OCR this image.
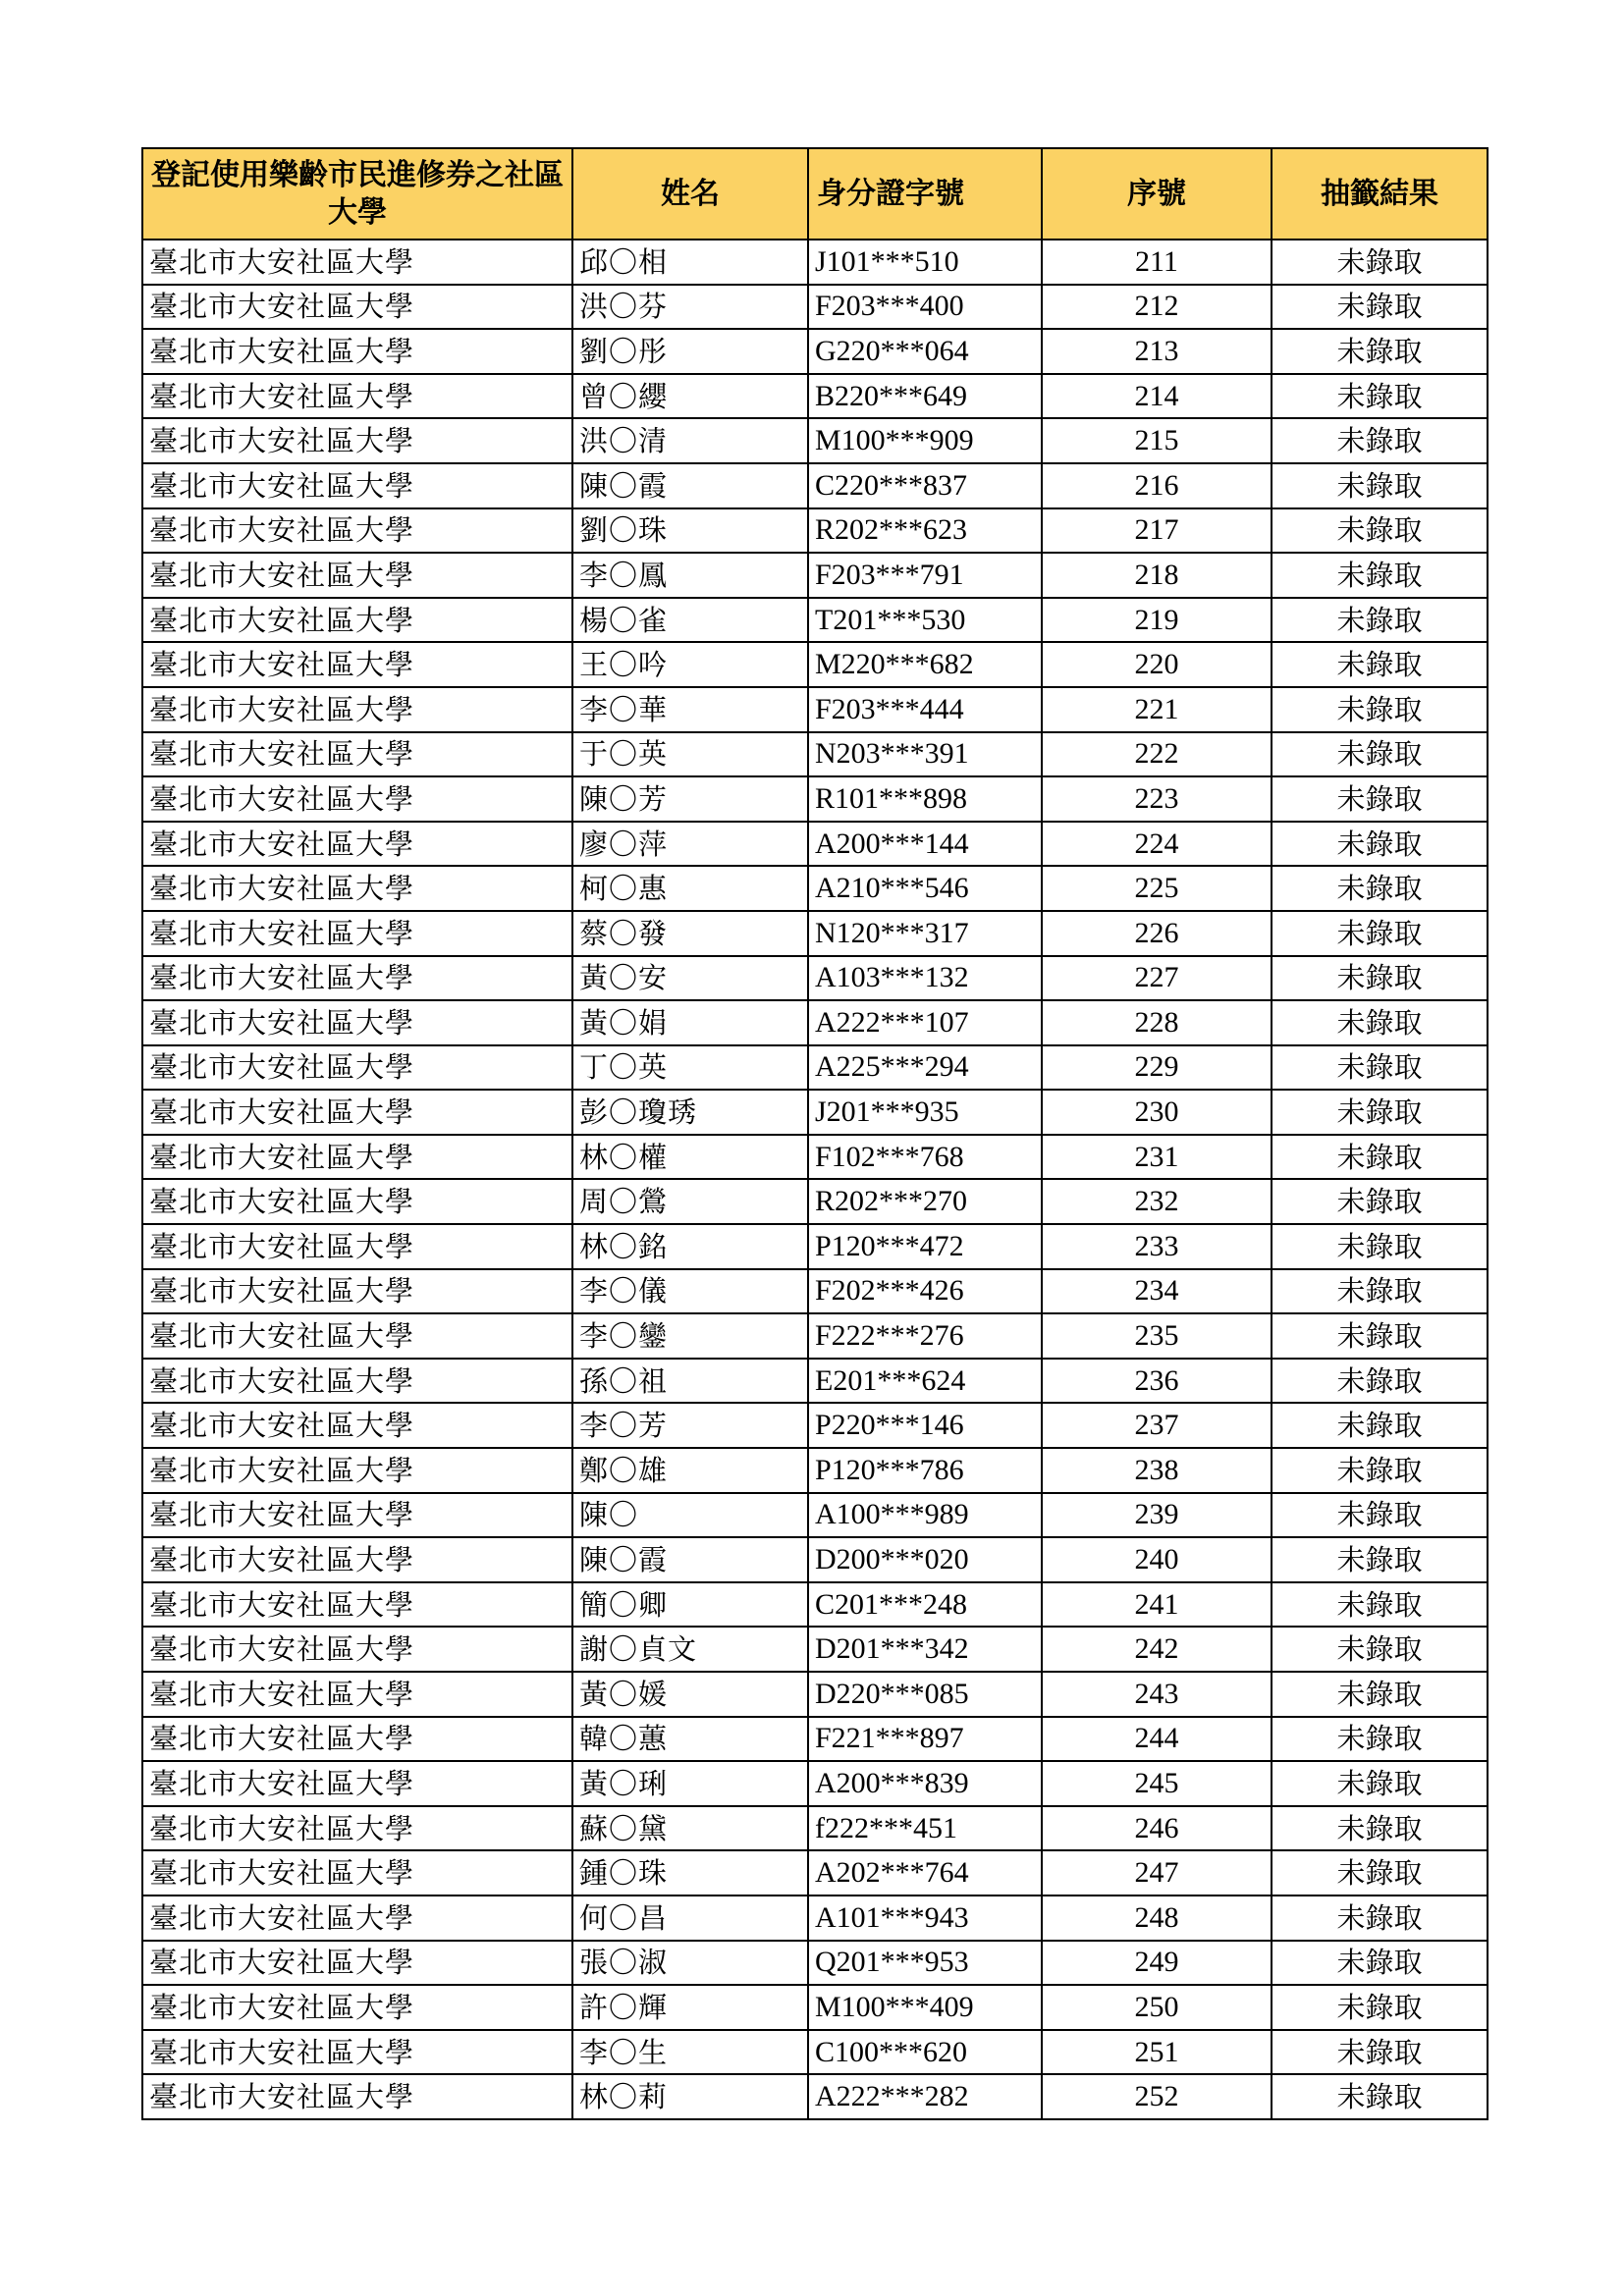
登記使用樂齡市民進修券之社區大學	姓名	身分證字號	序號	抽籤結果
臺北市大安社區大學	邱〇相	J101***510	211	未錄取
臺北市大安社區大學	洪〇芬	F203***400	212	未錄取
臺北市大安社區大學	劉〇彤	G220***064	213	未錄取
臺北市大安社區大學	曾〇纓	B220***649	214	未錄取
臺北市大安社區大學	洪〇清	M100***909	215	未錄取
臺北市大安社區大學	陳〇霞	C220***837	216	未錄取
臺北市大安社區大學	劉〇珠	R202***623	217	未錄取
臺北市大安社區大學	李〇鳳	F203***791	218	未錄取
臺北市大安社區大學	楊〇雀	T201***530	219	未錄取
臺北市大安社區大學	王〇吟	M220***682	220	未錄取
臺北市大安社區大學	李〇華	F203***444	221	未錄取
臺北市大安社區大學	于〇英	N203***391	222	未錄取
臺北市大安社區大學	陳〇芳	R101***898	223	未錄取
臺北市大安社區大學	廖〇萍	A200***144	224	未錄取
臺北市大安社區大學	柯〇惠	A210***546	225	未錄取
臺北市大安社區大學	蔡〇發	N120***317	226	未錄取
臺北市大安社區大學	黃〇安	A103***132	227	未錄取
臺北市大安社區大學	黃〇娟	A222***107	228	未錄取
臺北市大安社區大學	丁〇英	A225***294	229	未錄取
臺北市大安社區大學	彭〇瓊琇	J201***935	230	未錄取
臺北市大安社區大學	林〇權	F102***768	231	未錄取
臺北市大安社區大學	周〇鶯	R202***270	232	未錄取
臺北市大安社區大學	林〇銘	P120***472	233	未錄取
臺北市大安社區大學	李〇儀	F202***426	234	未錄取
臺北市大安社區大學	李〇鑾	F222***276	235	未錄取
臺北市大安社區大學	孫〇祖	E201***624	236	未錄取
臺北市大安社區大學	李〇芳	P220***146	237	未錄取
臺北市大安社區大學	鄭〇雄	P120***786	238	未錄取
臺北市大安社區大學	陳〇	A100***989	239	未錄取
臺北市大安社區大學	陳〇霞	D200***020	240	未錄取
臺北市大安社區大學	簡〇卿	C201***248	241	未錄取
臺北市大安社區大學	謝〇貞文	D201***342	242	未錄取
臺北市大安社區大學	黃〇媛	D220***085	243	未錄取
臺北市大安社區大學	韓〇蕙	F221***897	244	未錄取
臺北市大安社區大學	黃〇琍	A200***839	245	未錄取
臺北市大安社區大學	蘇〇黛	f222***451	246	未錄取
臺北市大安社區大學	鍾〇珠	A202***764	247	未錄取
臺北市大安社區大學	何〇昌	A101***943	248	未錄取
臺北市大安社區大學	張〇淑	Q201***953	249	未錄取
臺北市大安社區大學	許〇輝	M100***409	250	未錄取
臺北市大安社區大學	李〇生	C100***620	251	未錄取
臺北市大安社區大學	林〇莉	A222***282	252	未錄取
